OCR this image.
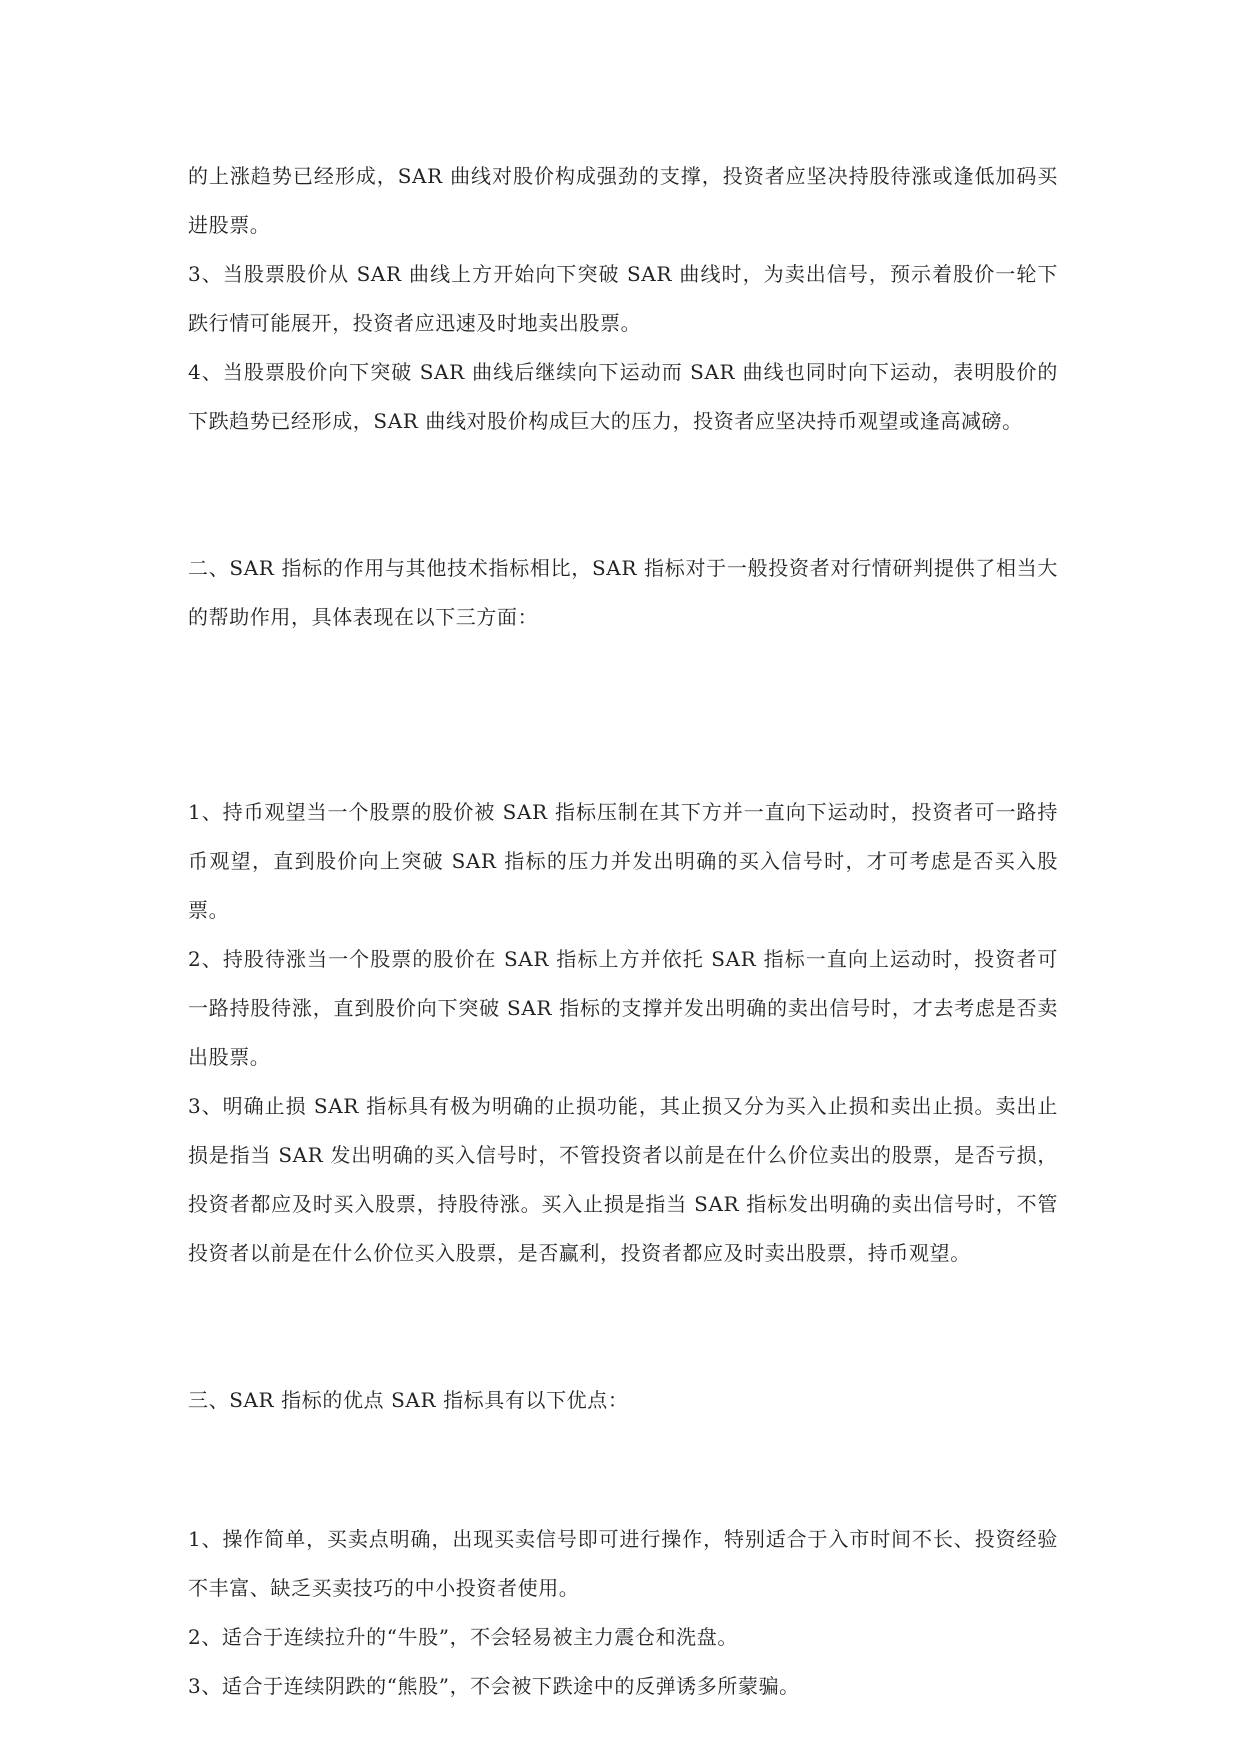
的上涨趋势已经形成，SAR 曲线对股价构成强劲的支撑，投资者应坚决持股待涨或逢低加码买进股票。

3、当股票股价从 SAR 曲线上方开始向下突破 SAR 曲线时，为卖出信号，预示着股价一轮下跌行情可能展开，投资者应迅速及时地卖出股票。

4、当股票股价向下突破 SAR 曲线后继续向下运动而 SAR 曲线也同时向下运动，表明股价的下跌趋势已经形成，SAR 曲线对股价构成巨大的压力，投资者应坚决持币观望或逢高减磅。

二、SAR 指标的作用与其他技术指标相比，SAR 指标对于一般投资者对行情研判提供了相当大的帮助作用，具体表现在以下三方面：

1、持币观望当一个股票的股价被 SAR 指标压制在其下方并一直向下运动时，投资者可一路持币观望，直到股价向上突破 SAR 指标的压力并发出明确的买入信号时，才可考虑是否买入股票。

2、持股待涨当一个股票的股价在 SAR 指标上方并依托 SAR 指标一直向上运动时，投资者可一路持股待涨，直到股价向下突破 SAR 指标的支撑并发出明确的卖出信号时，才去考虑是否卖出股票。

3、明确止损 SAR 指标具有极为明确的止损功能，其止损又分为买入止损和卖出止损。卖出止损是指当 SAR 发出明确的买入信号时，不管投资者以前是在什么价位卖出的股票，是否亏损，投资者都应及时买入股票，持股待涨。买入止损是指当 SAR 指标发出明确的卖出信号时，不管投资者以前是在什么价位买入股票，是否赢利，投资者都应及时卖出股票，持币观望。

三、SAR 指标的优点 SAR 指标具有以下优点：

1、操作简单，买卖点明确，出现买卖信号即可进行操作，特别适合于入市时间不长、投资经验不丰富、缺乏买卖技巧的中小投资者使用。

2、适合于连续拉升的“牛股”，不会轻易被主力震仓和洗盘。

3、适合于连续阴跌的“熊股”，不会被下跌途中的反弹诱多所蒙骗。
